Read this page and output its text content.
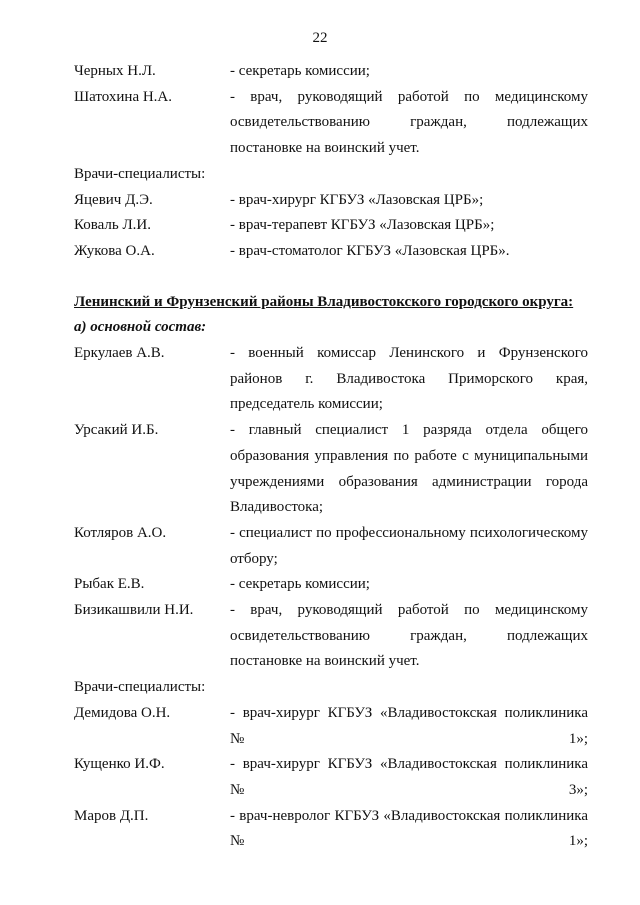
22
Черных Н.Л.	- секретарь комиссии;
Шатохина Н.А.	- врач, руководящий работой по медицинскому освидетельствованию граждан, подлежащих постановке на воинский учет.
Врачи-специалисты:
Яцевич Д.Э.	- врач-хирург КГБУЗ «Лазовская ЦРБ»;
Коваль Л.И.	- врач-терапевт КГБУЗ «Лазовская ЦРБ»;
Жукова О.А.	- врач-стоматолог КГБУЗ «Лазовская ЦРБ».
Ленинский и Фрунзенский районы Владивостокского городского округа:
а) основной состав:
Еркулаев А.В.	- военный комиссар Ленинского и Фрунзенского районов г. Владивостока Приморского края, председатель комиссии;
Урсакий И.Б.	- главный специалист 1 разряда отдела общего образования управления по работе с муниципальными учреждениями образования администрации города Владивостока;
Котляров А.О.	- специалист по профессиональному психологическому отбору;
Рыбак Е.В.	- секретарь комиссии;
Бизикашвили Н.И.	- врач, руководящий работой по медицинскому освидетельствованию граждан, подлежащих постановке на воинский учет.
Врачи-специалисты:
Демидова О.Н.	- врач-хирург КГБУЗ «Владивостокская поликлиника № 1»;
Кущенко И.Ф.	- врач-хирург КГБУЗ «Владивостокская поликлиника № 3»;
Маров Д.П.	- врач-невролог КГБУЗ «Владивостокская поликлиника № 1»;
